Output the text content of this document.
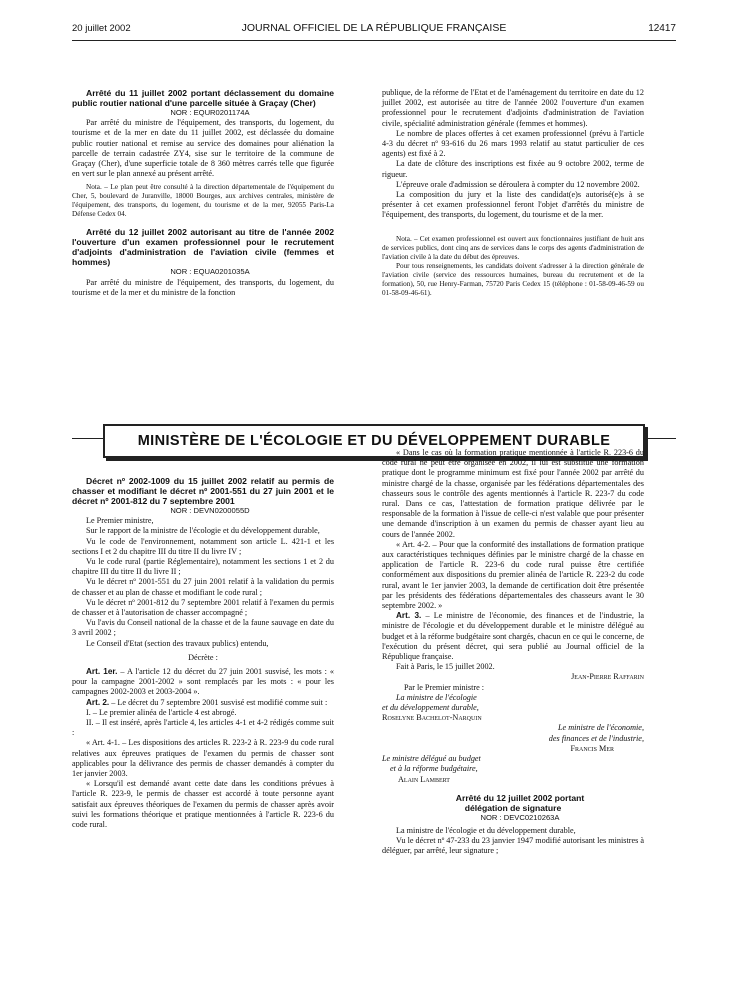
20 juillet 2002	JOURNAL OFFICIEL DE LA RÉPUBLIQUE FRANÇAISE	12417

Arrêté du 11 juillet 2002 portant déclassement du domaine public routier national d'une parcelle située à Graçay (Cher)

NOR : EQUR0201174A

Par arrêté du ministre de l'équipement, des transports, du logement, du tourisme et de la mer en date du 11 juillet 2002, est déclassée du domaine public routier national et remise au service des domaines pour aliénation la parcelle de terrain cadastrée ZY4, sise sur le territoire de la commune de Graçay (Cher), d'une superficie totale de 8 360 mètres carrés telle que figurée en vert sur le plan annexé au présent arrêté.

Nota. – Le plan peut être consulté à la direction départementale de l'équipement du Cher, 5, boulevard de Juranville, 18000 Bourges, aux archives centrales, ministère de l'équipement, des transports, du logement, du tourisme et de la mer, 92055 Paris-La Défense Cedex 04.

Arrêté du 12 juillet 2002 autorisant au titre de l'année 2002 l'ouverture d'un examen professionnel pour le recrutement d'adjoints d'administration de l'aviation civile (femmes et hommes)

NOR : EQUA0201035A

Par arrêté du ministre de l'équipement, des transports, du logement, du tourisme et de la mer et du ministre de la fonction

publique, de la réforme de l'Etat et de l'aménagement du territoire en date du 12 juillet 2002, est autorisée au titre de l'année 2002 l'ouverture d'un examen professionnel pour le recrutement d'adjoints d'administration de l'aviation civile, spécialité administration générale (femmes et hommes).

Le nombre de places offertes à cet examen professionnel (prévu à l'article 4-3 du décret nº 93-616 du 26 mars 1993 relatif au statut particulier de ces agents) est fixé à 2.

La date de clôture des inscriptions est fixée au 9 octobre 2002, terme de rigueur.

L'épreuve orale d'admission se déroulera à compter du 12 novembre 2002.

La composition du jury et la liste des candidat(e)s autorisé(e)s à se présenter à cet examen professionnel feront l'objet d'arrêtés du ministre de l'équipement, des transports, du logement, du tourisme et de la mer.

Nota. – Cet examen professionnel est ouvert aux fonctionnaires justifiant de huit ans de services publics, dont cinq ans de services dans le corps des agents d'administration de l'aviation civile à la date du début des épreuves.

Pour tous renseignements, les candidats doivent s'adresser à la direction générale de l'aviation civile (service des ressources humaines, bureau du recrutement et de la formation), 50, rue Henry-Farman, 75720 Paris Cedex 15 (téléphone : 01-58-09-46-59 ou 01-58-09-46-61).

MINISTÈRE DE L'ÉCOLOGIE ET DU DÉVELOPPEMENT DURABLE

Décret nº 2002-1009 du 15 juillet 2002 relatif au permis de chasser et modifiant le décret nº 2001-551 du 27 juin 2001 et le décret nº 2001-812 du 7 septembre 2001

NOR : DEVN0200055D

Le Premier ministre,

Sur le rapport de la ministre de l'écologie et du développement durable,

Vu le code de l'environnement, notamment son article L. 421-1 et les sections I et 2 du chapitre III du titre II du livre IV ;

Vu le code rural (partie Réglementaire), notamment les sections 1 et 2 du chapitre III du titre II du livre II ;

Vu le décret nº 2001-551 du 27 juin 2001 relatif à la validation du permis de chasser et au plan de chasse et modifiant le code rural ;

Vu le décret nº 2001-812 du 7 septembre 2001 relatif à l'examen du permis de chasser et à l'autorisation de chasser accompagné ;

Vu l'avis du Conseil national de la chasse et de la faune sauvage en date du 3 avril 2002 ;

Le Conseil d'Etat (section des travaux publics) entendu,

Décrète :

Art. 1er. – A l'article 12 du décret du 27 juin 2001 susvisé, les mots : « pour la campagne 2001-2002 » sont remplacés par les mots : « pour les campagnes 2002-2003 et 2003-2004 ».

Art. 2. – Le décret du 7 septembre 2001 susvisé est modifié comme suit :

I. – Le premier alinéa de l'article 4 est abrogé.

II. – Il est inséré, après l'article 4, les articles 4-1 et 4-2 rédigés comme suit :

« Art. 4-1. – Les dispositions des articles R. 223-2 à R. 223-9 du code rural relatives aux épreuves pratiques de l'examen du permis de chasser sont applicables pour la délivrance des permis de chasser demandés à compter du 1er janvier 2003.

« Lorsqu'il est demandé avant cette date dans les conditions prévues à l'article R. 223-9, le permis de chasser est accordé à toute personne ayant satisfait aux épreuves théoriques de l'examen du permis de chasser après avoir suivi les formations théorique et pratique mentionnées à l'article R. 223-6 du code rural.

« Dans le cas où la formation pratique mentionnée à l'article R. 223-6 du code rural ne peut être organisée en 2002, il lui est substitué une formation pratique dont le programme minimum est fixé pour l'année 2002 par arrêté du ministre chargé de la chasse, organisée par les fédérations départementales des chasseurs sous le contrôle des agents mentionnés à l'article R. 223-7 du code rural. Dans ce cas, l'attestation de formation pratique délivrée par le responsable de la formation à l'issue de celle-ci n'est valable que pour présenter une demande d'inscription à un examen du permis de chasser ayant lieu au cours de l'année 2002.

« Art. 4-2. – Pour que la conformité des installations de formation pratique aux caractéristiques techniques définies par le ministre chargé de la chasse en application de l'article R. 223-6 du code rural puisse être certifiée conformément aux dispositions du premier alinéa de l'article R. 223-2 du code rural, avant le 1er janvier 2003, la demande de certification doit être présentée par les présidents des fédérations départementales des chasseurs avant le 30 septembre 2002. »

Art. 3. – Le ministre de l'économie, des finances et de l'industrie, la ministre de l'écologie et du développement durable et le ministre délégué au budget et à la réforme budgétaire sont chargés, chacun en ce qui le concerne, de l'exécution du présent décret, qui sera publié au Journal officiel de la République française.

Fait à Paris, le 15 juillet 2002.

Jean-Pierre Raffarin

Par le Premier ministre :

La ministre de l'écologie

et du développement durable,

Roselyne Bachelot-Narquin

Le ministre de l'économie,

des finances et de l'industrie,

Francis Mer

Le ministre délégué au budget

et à la réforme budgétaire,

Alain Lambert

Arrêté du 12 juillet 2002 portant délégation de signature

NOR : DEVC0210263A

La ministre de l'écologie et du développement durable,

Vu le décret nº 47-233 du 23 janvier 1947 modifié autorisant les ministres à déléguer, par arrêté, leur signature ;
